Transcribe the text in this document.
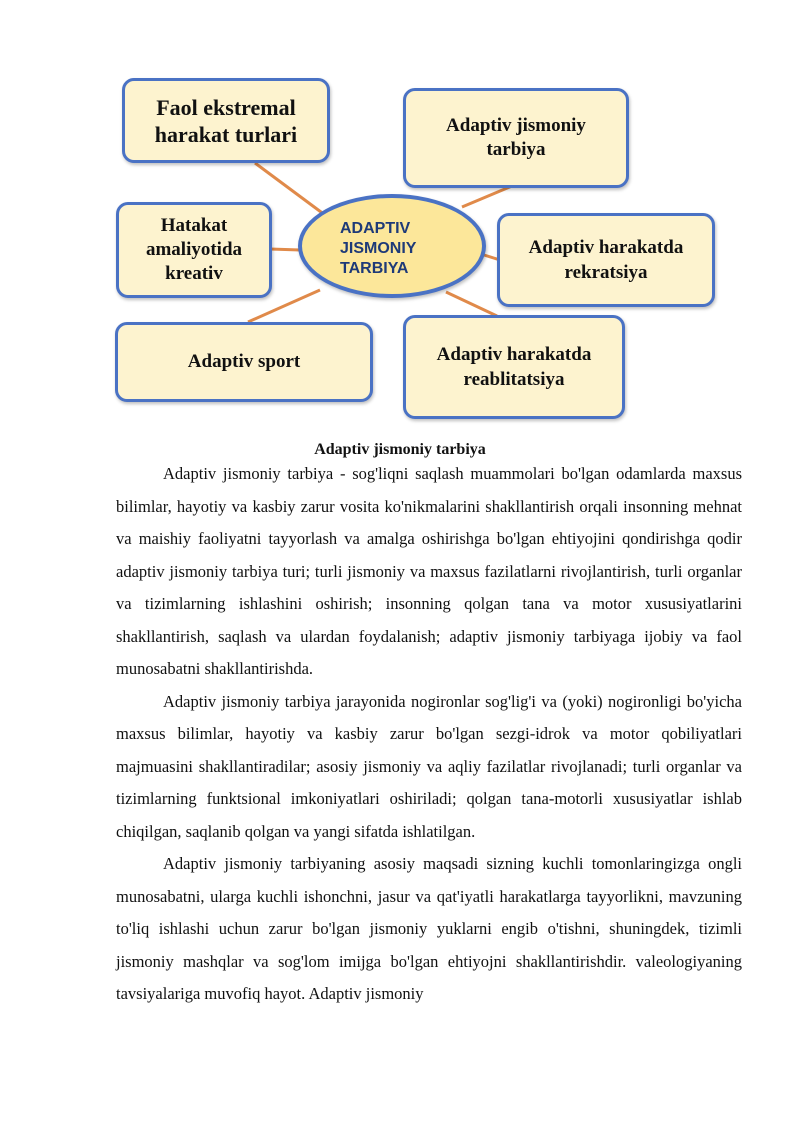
Faol ekstremal harakat turlari	Adaptiv jismoniy tarbiya
Hatakat amaliyotida kreativ
Adaptiv harakatda rekratsiya
Adaptiv sport	Adaptiv harakatda reablitatsiya
ADAPTIV
JISMONIY
TARBIYA
Adaptiv jismoniy tarbiya

Adaptiv jismoniy tarbiya - sog'liqni saqlash muammolari bo'lgan odamlarda maxsus bilimlar, hayotiy va kasbiy zarur vosita ko'nikmalarini shakllantirish orqali insonning mehnat va maishiy faoliyatni tayyorlash va amalga oshirishga bo'lgan ehtiyojini qondirishga qodir adaptiv jismoniy tarbiya turi; turli jismoniy va maxsus fazilatlarni rivojlantirish, turli organlar va tizimlarning ishlashini oshirish; insonning qolgan tana va motor xususiyatlarini shakllantirish, saqlash va ulardan foydalanish; adaptiv jismoniy tarbiyaga ijobiy va faol munosabatni shakllantirishda.

Adaptiv jismoniy tarbiya jarayonida nogironlar sog'lig'i va (yoki) nogironligi bo'yicha maxsus bilimlar, hayotiy va kasbiy zarur bo'lgan sezgi-idrok va motor qobiliyatlari majmuasini shakllantiradilar; asosiy jismoniy va aqliy fazilatlar rivojlanadi; turli organlar va tizimlarning funktsional imkoniyatlari oshiriladi; qolgan tana-motorli xususiyatlar ishlab chiqilgan, saqlanib qolgan va yangi sifatda ishlatilgan.

Adaptiv jismoniy tarbiyaning asosiy maqsadi sizning kuchli tomonlaringizga ongli munosabatni, ularga kuchli ishonchni, jasur va qat'iyatli harakatlarga tayyorlikni, mavzuning to'liq ishlashi uchun zarur bo'lgan jismoniy yuklarni engib o'tishni, shuningdek, tizimli jismoniy mashqlar va sog'lom imijga bo'lgan ehtiyojni shakllantirishdir. valeologiyaning tavsiyalariga muvofiq hayot. Adaptiv jismoniy
